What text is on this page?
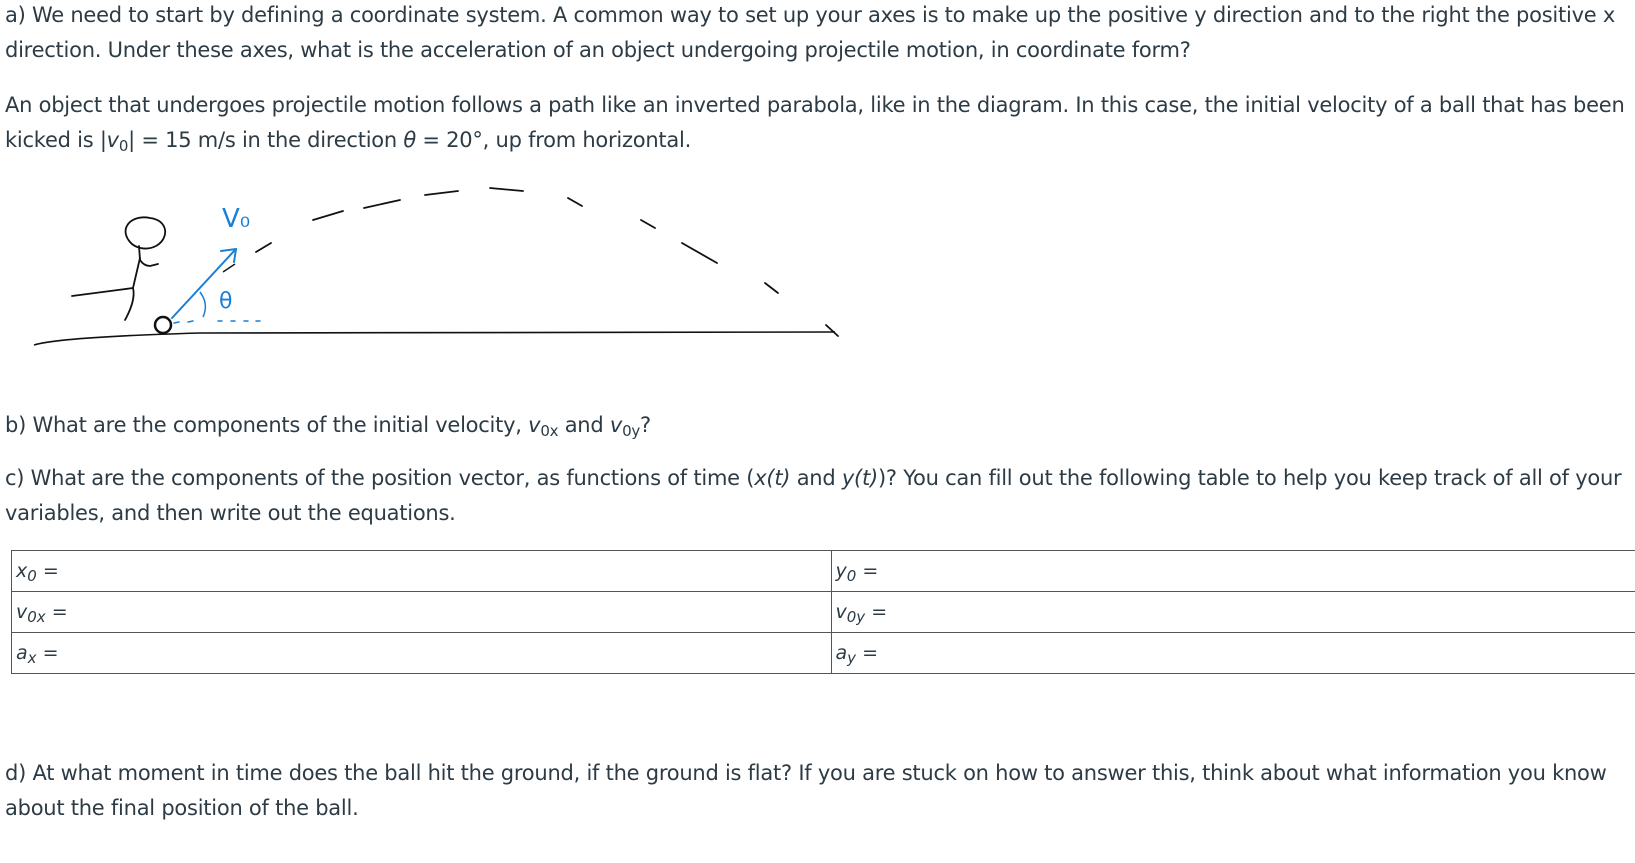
a) We need to start by defining a coordinate system. A common way to set up your axes is to make up the positive y direction and to the right the positive x direction. Under these axes, what is the acceleration of an object undergoing projectile motion, in coordinate form?

An object that undergoes projectile motion follows a path like an inverted parabola, like in the diagram. In this case, the initial velocity of a ball that has been kicked is $|v_0| = 15$ m/s in the direction θ = 20°, up from horizontal.

V₀
θ

b) What are the components of the initial velocity, $v_{0x}$ and $v_{0y}$?

c) What are the components of the position vector, as functions of time (x(t) and y(t))? You can fill out the following table to help you keep track of all of your variables, and then write out the equations.

$x_0$ =	$y_0$ =
$v_{0x}$ =	$v_{0y}$ =
$a_x$ =	$a_y$ =

d) At what moment in time does the ball hit the ground, if the ground is flat? If you are stuck on how to answer this, think about what information you know about the final position of the ball.
